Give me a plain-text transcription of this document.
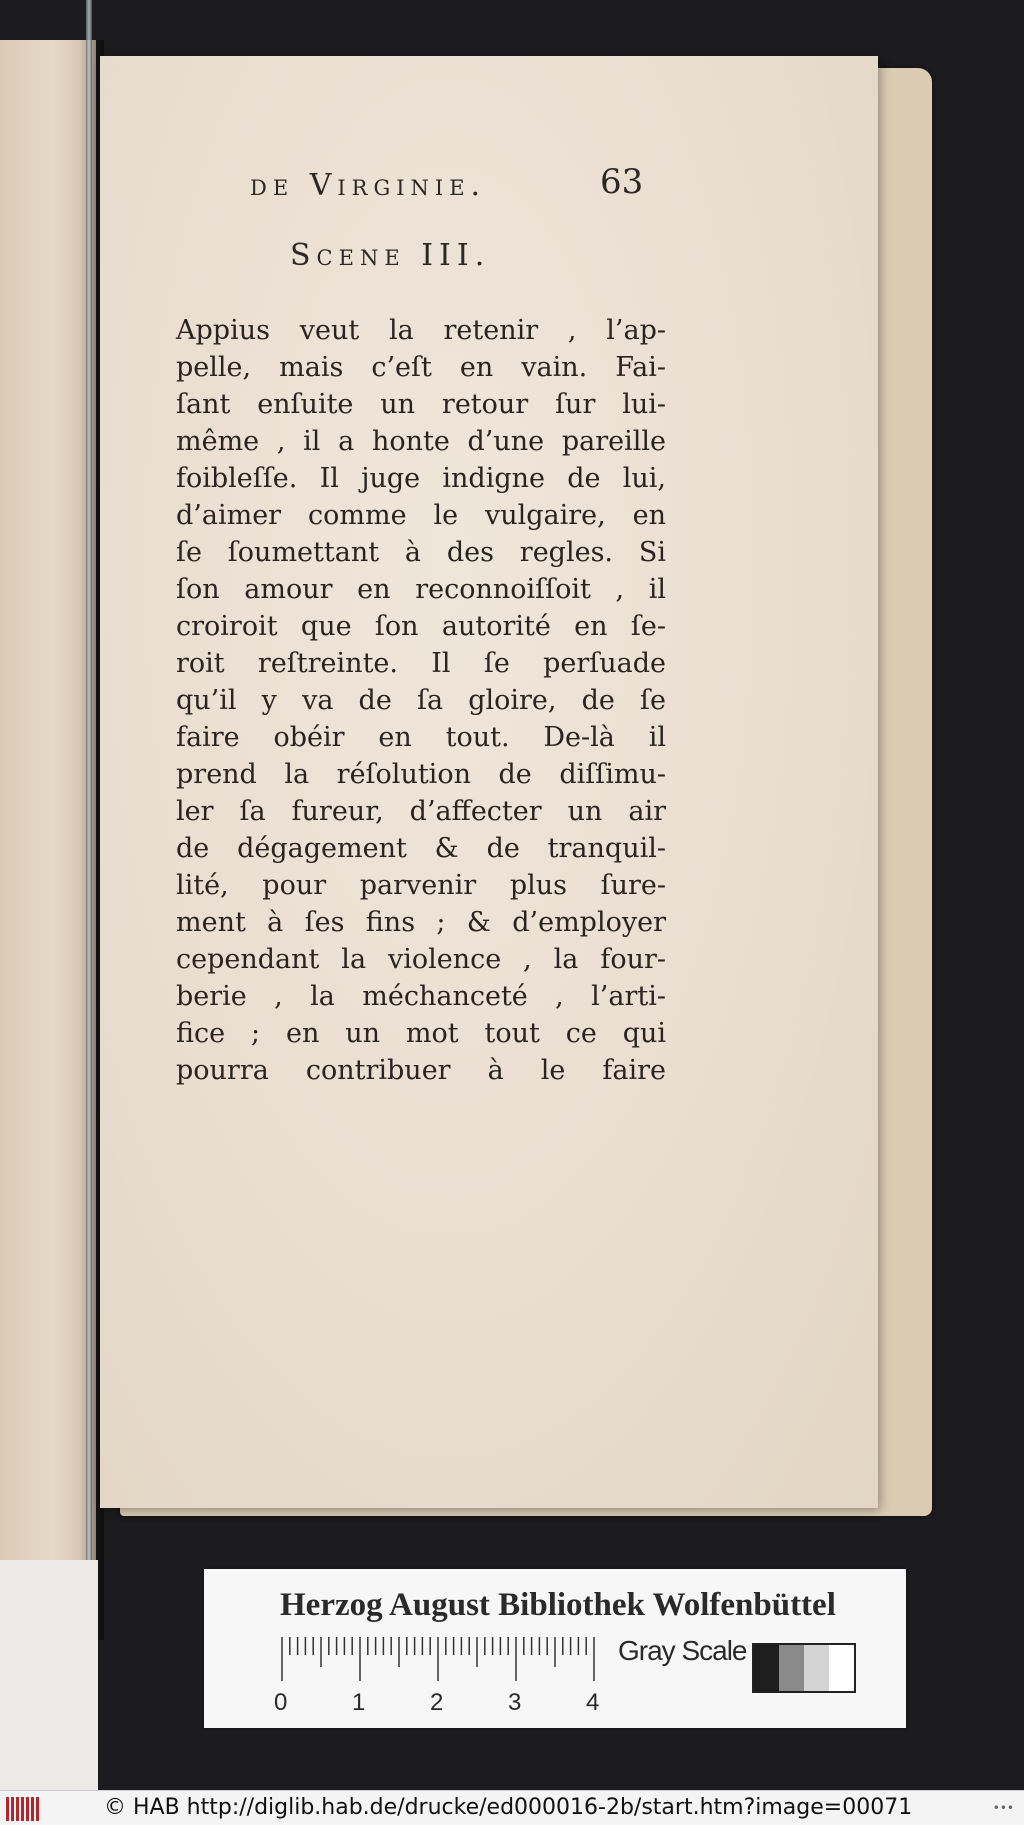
de Virginie.	63
Scene III.
Appius veut la retenir , l’ap-
pelle, mais c’eſt en vain. Fai-
ſant enſuite un retour ſur lui-
même , il a honte d’une pareille
foibleſſe. Il juge indigne de lui,
d’aimer comme le vulgaire, en
ſe ſoumettant à des regles. Si
ſon amour en reconnoiſſoit , il
croiroit que ſon autorité en ſe-
roit reſtreinte. Il ſe perſuade
qu’il y va de ſa gloire, de ſe
faire obéir en tout. De-là il
prend la réſolution de diſſimu-
ler ſa fureur, d’affecter un air
de dégagement & de tranquil-
lité, pour parvenir plus ſure-
ment à ſes fins ; & d’employer
cependant la violence , la four-
berie , la méchanceté , l’arti-
fice ; en un mot tout ce qui
pourra contribuer à le faire
Herzog August Bibliothek Wolfenbüttel
0	1	2	3	4
Gray Scale
© HAB http://diglib.hab.de/drucke/ed000016-2b/start.htm?image=00071	•••
